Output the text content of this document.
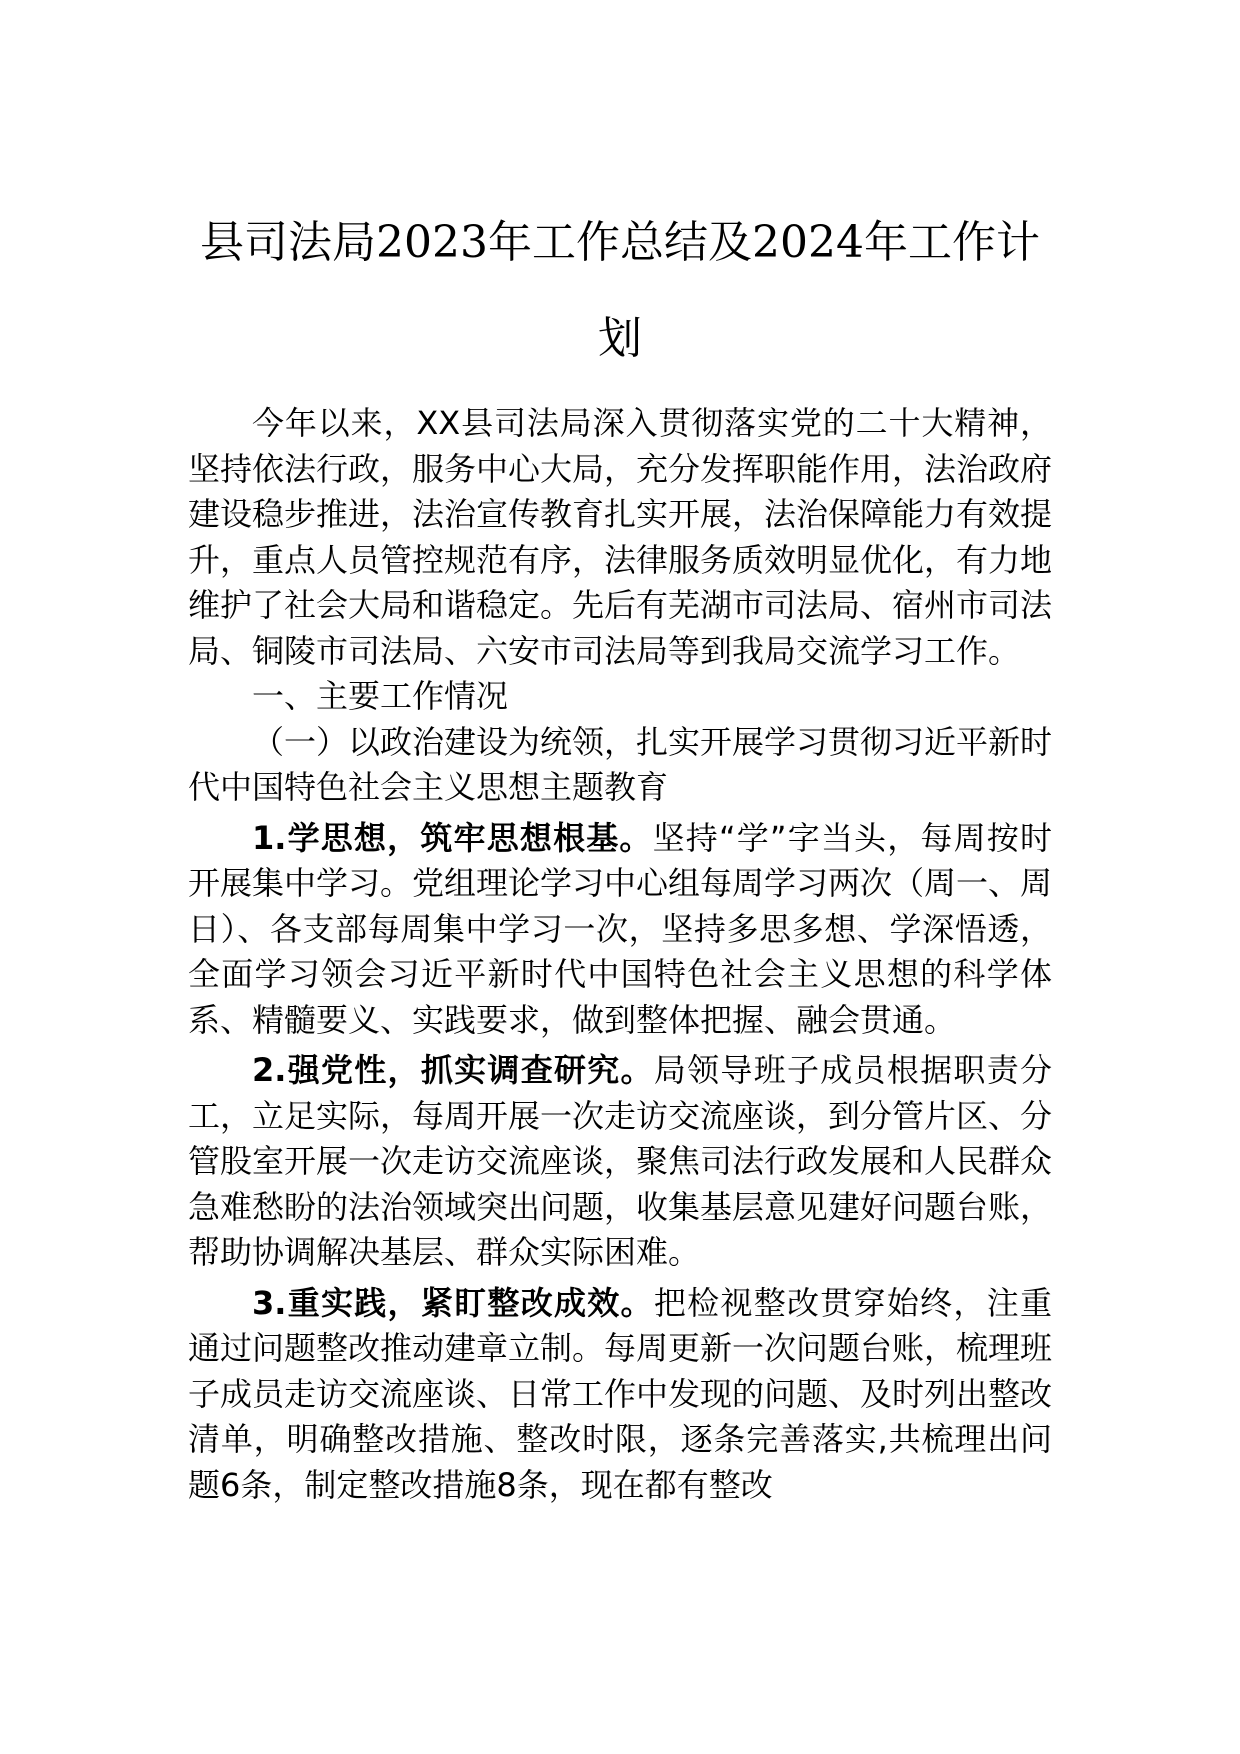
县司法局2023年工作总结及2024年工作计
划

今年以来，XX县司法局深入贯彻落实党的二十大精神，坚持依法行政，服务中心大局，充分发挥职能作用，法治政府建设稳步推进，法治宣传教育扎实开展，法治保障能力有效提升，重点人员管控规范有序，法律服务质效明显优化，有力地维护了社会大局和谐稳定。先后有芜湖市司法局、宿州市司法局、铜陵市司法局、六安市司法局等到我局交流学习工作。

一、主要工作情况

（一）以政治建设为统领，扎实开展学习贯彻习近平新时代中国特色社会主义思想主题教育

1.学思想，筑牢思想根基。坚持“学”字当头，每周按时开展集中学习。党组理论学习中心组每周学习两次（周一、周日）、各支部每周集中学习一次，坚持多思多想、学深悟透，全面学习领会习近平新时代中国特色社会主义思想的科学体系、精髓要义、实践要求，做到整体把握、融会贯通。

2.强党性，抓实调查研究。局领导班子成员根据职责分工，立足实际，每周开展一次走访交流座谈，到分管片区、分管股室开展一次走访交流座谈，聚焦司法行政发展和人民群众急难愁盼的法治领域突出问题，收集基层意见建好问题台账，帮助协调解决基层、群众实际困难。

3.重实践，紧盯整改成效。把检视整改贯穿始终，注重通过问题整改推动建章立制。每周更新一次问题台账，梳理班子成员走访交流座谈、日常工作中发现的问题、及时列出整改清单，明确整改措施、整改时限，逐条完善落实,共梳理出问题6条，制定整改措施8条，现在都有整改
